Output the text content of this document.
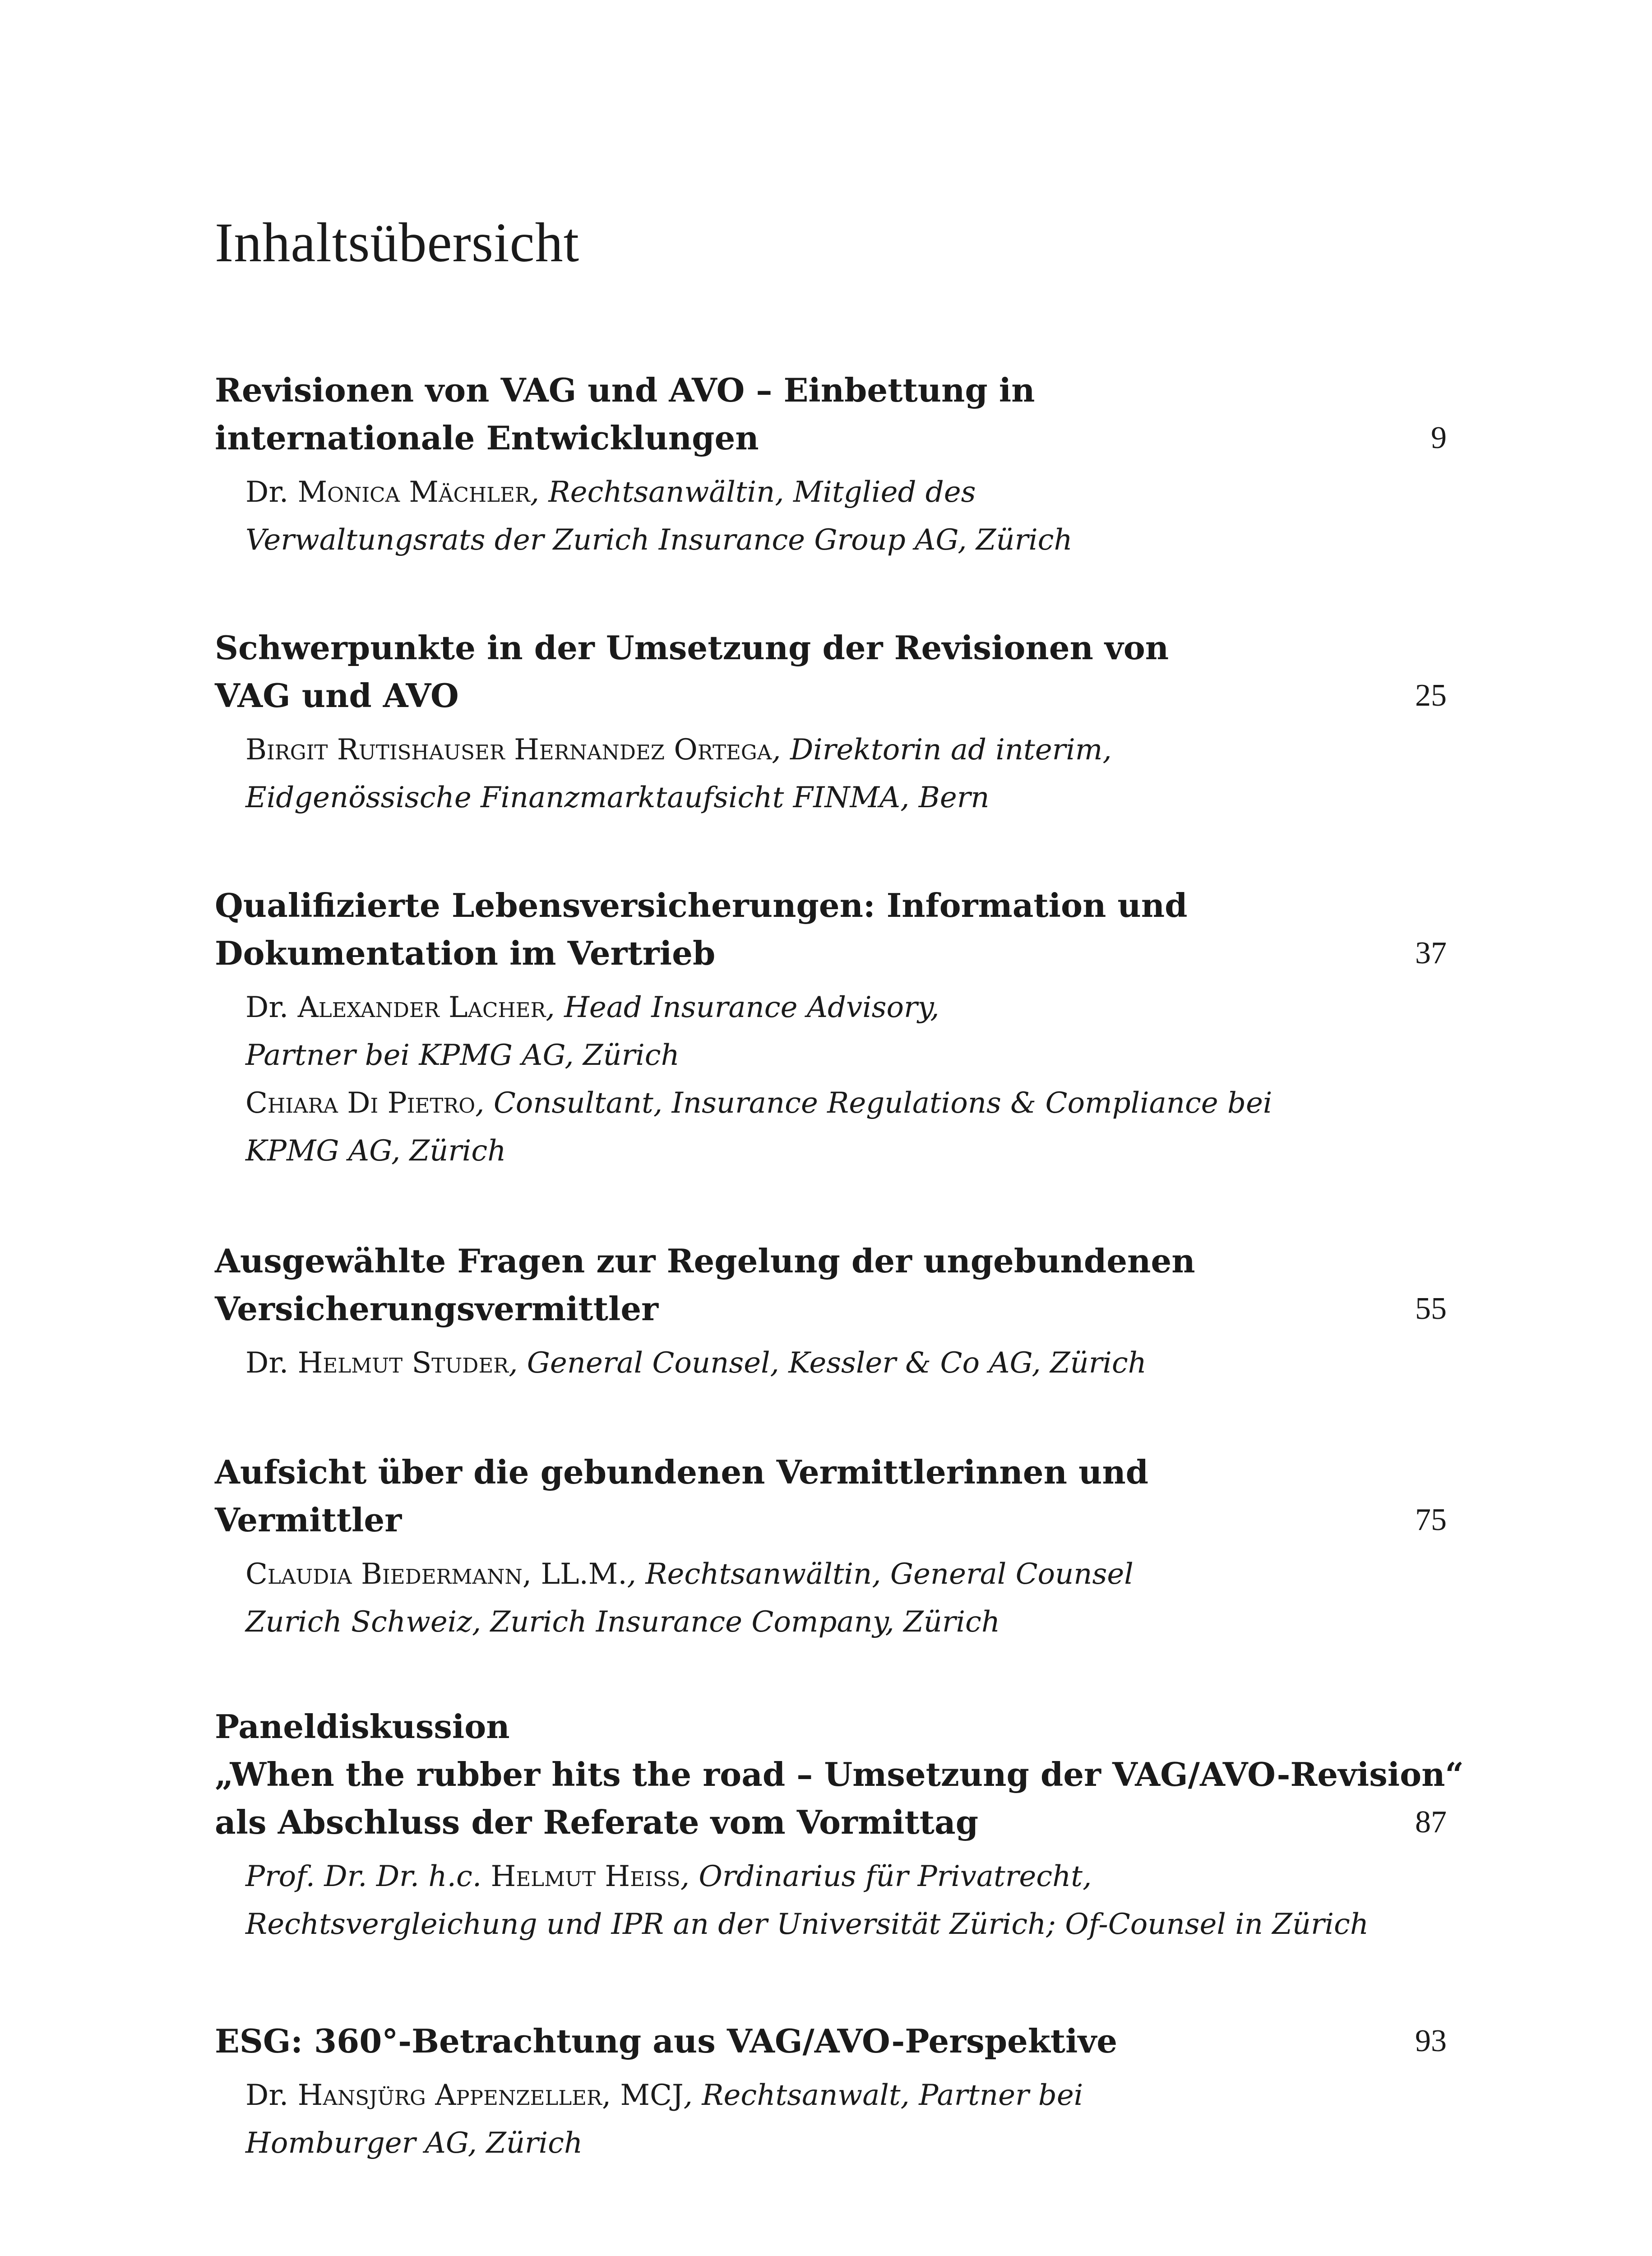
Inhaltsübersicht
Revisionen von VAG und AVO – Einbettung in
internationale Entwicklungen	9
Dr. Monica Mächler, Rechtsanwältin, Mitglied des
Verwaltungsrats der Zurich Insurance Group AG, Zürich
Schwerpunkte in der Umsetzung der Revisionen von
VAG und AVO	25
Birgit Rutishauser Hernandez Ortega, Direktorin ad interim,
Eidgenössische Finanzmarktaufsicht FINMA, Bern
Qualifizierte Lebensversicherungen: Information und
Dokumentation im Vertrieb	37
Dr. Alexander Lacher, Head Insurance Advisory,
Partner bei KPMG AG, Zürich
Chiara Di Pietro, Consultant, Insurance Regulations & Compliance bei
KPMG AG, Zürich
Ausgewählte Fragen zur Regelung der ungebundenen
Versicherungsvermittler	55
Dr. Helmut Studer, General Counsel, Kessler & Co AG, Zürich
Aufsicht über die gebundenen Vermittlerinnen und
Vermittler	75
Claudia Biedermann, LL.M., Rechtsanwältin, General Counsel
Zurich Schweiz, Zurich Insurance Company, Zürich
Paneldiskussion
„When the rubber hits the road – Umsetzung der VAG/AVO-Revision“
als Abschluss der Referate vom Vormittag	87
Prof. Dr. Dr. h.c. Helmut Heiss, Ordinarius für Privatrecht,
Rechtsvergleichung und IPR an der Universität Zürich; Of-Counsel in Zürich
ESG: 360°-Betrachtung aus VAG/AVO-Perspektive	93
Dr. Hansjürg Appenzeller, MCJ, Rechtsanwalt, Partner bei
Homburger AG, Zürich
